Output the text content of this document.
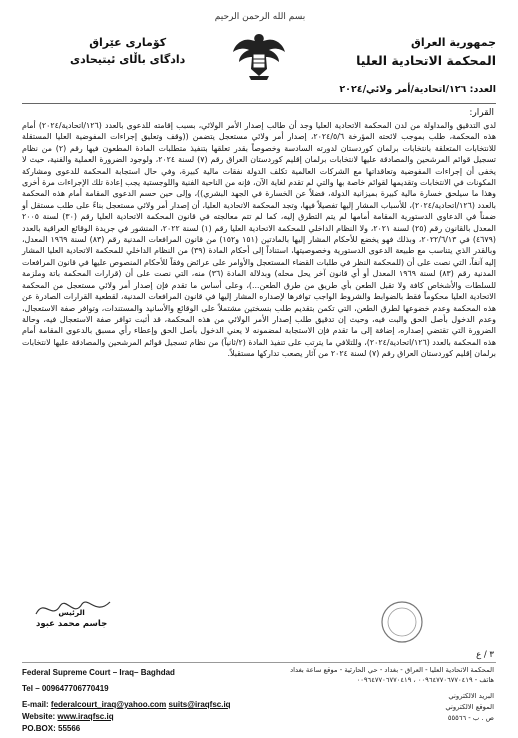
بسم الله الرحمن الرحيم
جمهورية العراق
المحكمة الاتحادية العليا
كۆماری عێراق
دادگای باڵای ئیتیحادی
العدد: ١٢٦/اتحادية/أمر ولائي/٢٠٢٤
القرار:

لدى التدقيق والمداولة من لدن المحكمة الاتحادية العليا وجد أن طالب إصدار الأمر الولائي، بسبب إقامته للدعوى بالعدد (١٢٦/اتحادية/٢٠٢٤) أمام هذه المحكمة، طلب بموجب لائحته المؤرخة ٢٠٢٤/٥/٦، إصدار أمر ولائي مستعجل يتضمن ((وقف وتعليق إجراءات المفوضية العليا المستقلة للانتخابات المتعلقة بانتخابات برلمان كوردستان لدورته السادسة وخصوصاً بقدر تعلقها بتنفيذ متطلبات المادة المطعون فيها رقم (٢) من نظام تسجيل قوائم المرشحين والمصادقة عليها لانتخابات برلمان إقليم كوردستان العراق رقم (٧) لسنة ٢٠٢٤، ولوجود الضرورة العملية والفنية، حيث لا يخفى أن إجراءات المفوضية وتعاقداتها مع الشركات العالمية تكلف الدولة نفقات مالية كبيرة، وفي حال استجابة المحكمة للدعوى ومشاركة المكونات في الانتخابات وتقديمها لقوائم خاصة بها والتي لم تقدم لغاية الآن، فإنه من الناحية الفنية واللوجستية يجب إعادة تلك الإجراءات مرة أخرى وهذا ما سيلحق خسارة مالية كبيرة بميزانية الدولة، فضلاً عن الخسارة في الجهد البشري))، وإلى حين حسم الدعوى المقامة أمام هذه المحكمة بالعدد (١٢٦/اتحادية/٢٠٢٤)، للأسباب المشار إليها تفصيلاً فيها، وتجد المحكمة الاتحادية العليا، أن إصدار أمر ولائي مستعجل بناءً على طلب مستقل أو ضمناً في الدعاوى الدستورية المقامة أمامها لم يتم التطرق إليه، كما لم تتم معالجته في قانون المحكمة الاتحادية العليا رقم (٣٠) لسنة ٢٠٠٥ المعدل بالقانون رقم (٢٥) لسنة ٢٠٢١، ولا النظام الداخلي للمحكمة الاتحادية العليا رقم (١) لسنة ٢٠٢٢، المنشور في جريدة الوقائع العراقية بالعدد (٤٦٧٩) في ٢٠٢٢/٦/١٣، وبذلك فهو يخضع للأحكام المشار إليها بالمادتين (١٥١ و١٥٢) من قانون المرافعات المدنية رقم (٨٣) لسنة ١٩٦٩ المعدل، وبالقدر الذي يتناسب مع طبيعة الدعوى الدستورية وخصوصيتها، استناداً إلى أحكام المادة (٣٩) من النظام الداخلي للمحكمة الاتحادية العليا المشار إليه آنفاً، التي نصت على أن (للمحكمة النظر في طلبات القضاء المستعجل والأوامر على عرائض وفقاً للأحكام المنصوص عليها في قانون المرافعات المدنية رقم (٨٣) لسنة ١٩٦٩ المعدل أو أي قانون آخر يحل محله) وبدلالة المادة (٣٦) منه، التي نصت على أن (قرارات المحكمة باتة وملزمة للسلطات والأشخاص كافة ولا تقبل الطعن بأي طريق من طرق الطعن...)، وعلى أساس ما تقدم فإن إصدار أمر ولائي مستعجل من المحكمة الاتحادية العليا محكوماً فقط بالضوابط والشروط الواجب توافرها لإصداره المشار إليها في قانون المرافعات المدنية، لقطعية القرارات الصادرة عن هذه المحكمة وعدم خضوعها لطرق الطعن، التي تكمن بتقديم طلب بنسختين مشتملاً على الوقائع والأسانيد والمستندات، وتوافر صفة الاستعجال، وعدم الدخول بأصل الحق والبت فيه، وحيث إن تدقيق طلب إصدار الأمر الولائي من هذه المحكمة، قد أثبت توافر صفة الاستعجال فيه، وحالة الضرورة التي تقتضي إصداره، إضافة إلى ما تقدم فإن الاستجابة لمضمونه لا يعني الدخول بأصل الحق وإعطاء رأي مسبق بالدعوى المقامة أمام هذه المحكمة بالعدد (١٢٦/اتحادية/٢٠٢٤)، وللتلافي ما يترتب على تنفيذ المادة (٢/ثانياً) من نظام تسجيل قوائم المرشحين والمصادقة عليها لانتخابات برلمان إقليم كوردستان العراق رقم (٧) لسنة ٢٠٢٤ من آثار يصعب تداركها مستقبلاً.

الرئيس
جاسم محمد عبود
٣ / ع
Federal Supreme Court – Iraq– Baghdad
Tel – 009647706770419
E-mail: federalcourt_iraq@yahoo.com suits@iraqfsc.iq
Website: www.iraqfsc.iq
PO.BOX: 55566
المحكمة الاتحادية العليا - العراق - بغداد - حي الحارثية - موقع ساعة بغداد
هاتف - ٠٠٩٦٤٧٧٠٦٧٧٠٤١٩ ، ٠٠٩٦٤٧٧٠٦٧٧٠٤١٩
البريد الالكتروني
الموقع الالكتروني
ص . ب - ٥٥٥٦٦
